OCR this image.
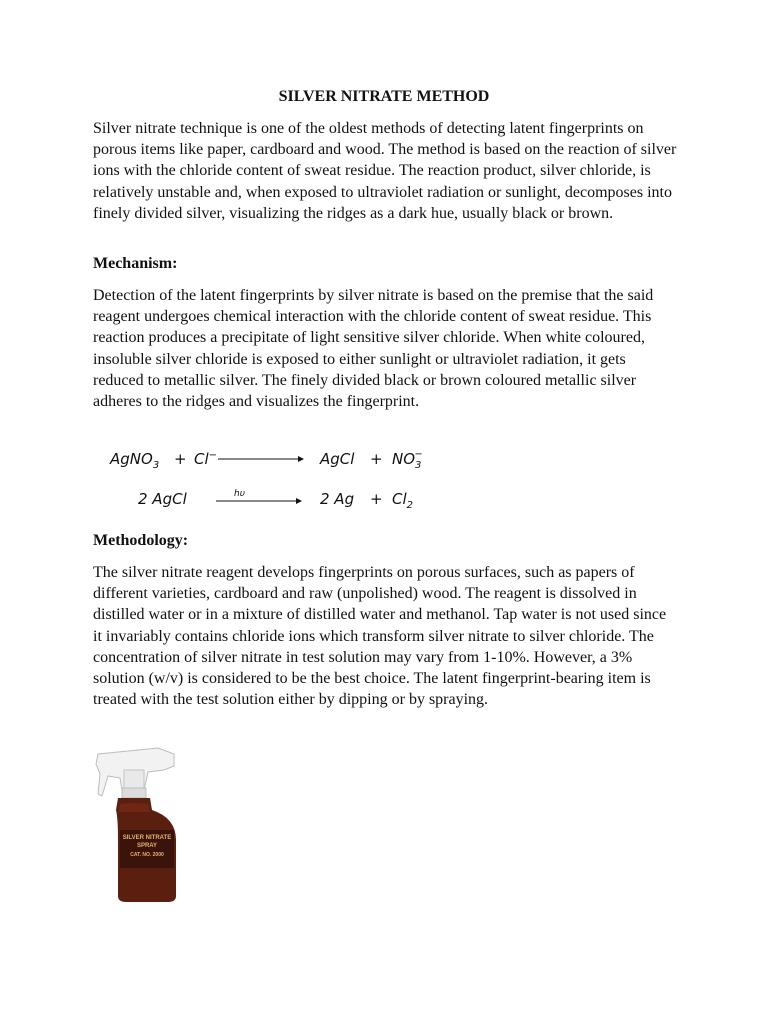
SILVER NITRATE METHOD

Silver nitrate technique is one of the oldest methods of detecting latent fingerprints on porous items like paper, cardboard and wood. The method is based on the reaction of silver ions with the chloride content of sweat residue. The reaction product, silver chloride, is relatively unstable and, when exposed to ultraviolet radiation or sunlight, decomposes into finely divided silver, visualizing the ridges as a dark hue, usually black or brown.

Mechanism:

Detection of the latent fingerprints by silver nitrate is based on the premise that the said reagent undergoes chemical interaction with the chloride content of sweat residue. This reaction produces a precipitate of light sensitive silver chloride. When white coloured, insoluble silver chloride is exposed to either sunlight or ultraviolet radiation, it gets reduced to metallic silver. The finely divided black or brown coloured metallic silver adheres to the ridges and visualizes the fingerprint.

AgNO$_3$ + Cl−	AgCl + $NO_3-$
2 AgCl	hυ	2 $Ag + Cl_2$
Methodology:

The silver nitrate reagent develops fingerprints on porous surfaces, such as papers of different varieties, cardboard and raw (unpolished) wood. The reagent is dissolved in distilled water or in a mixture of distilled water and methanol. Tap water is not used since it invariably contains chloride ions which transform silver nitrate to silver chloride. The concentration of silver nitrate in test solution may vary from 1-10%. However, a 3% solution (w/v) is considered to be the best choice. The latent fingerprint-bearing item is treated with the test solution either by dipping or by spraying.

SILVER NITRATE
SPRAY
CAT. NO. 2000
